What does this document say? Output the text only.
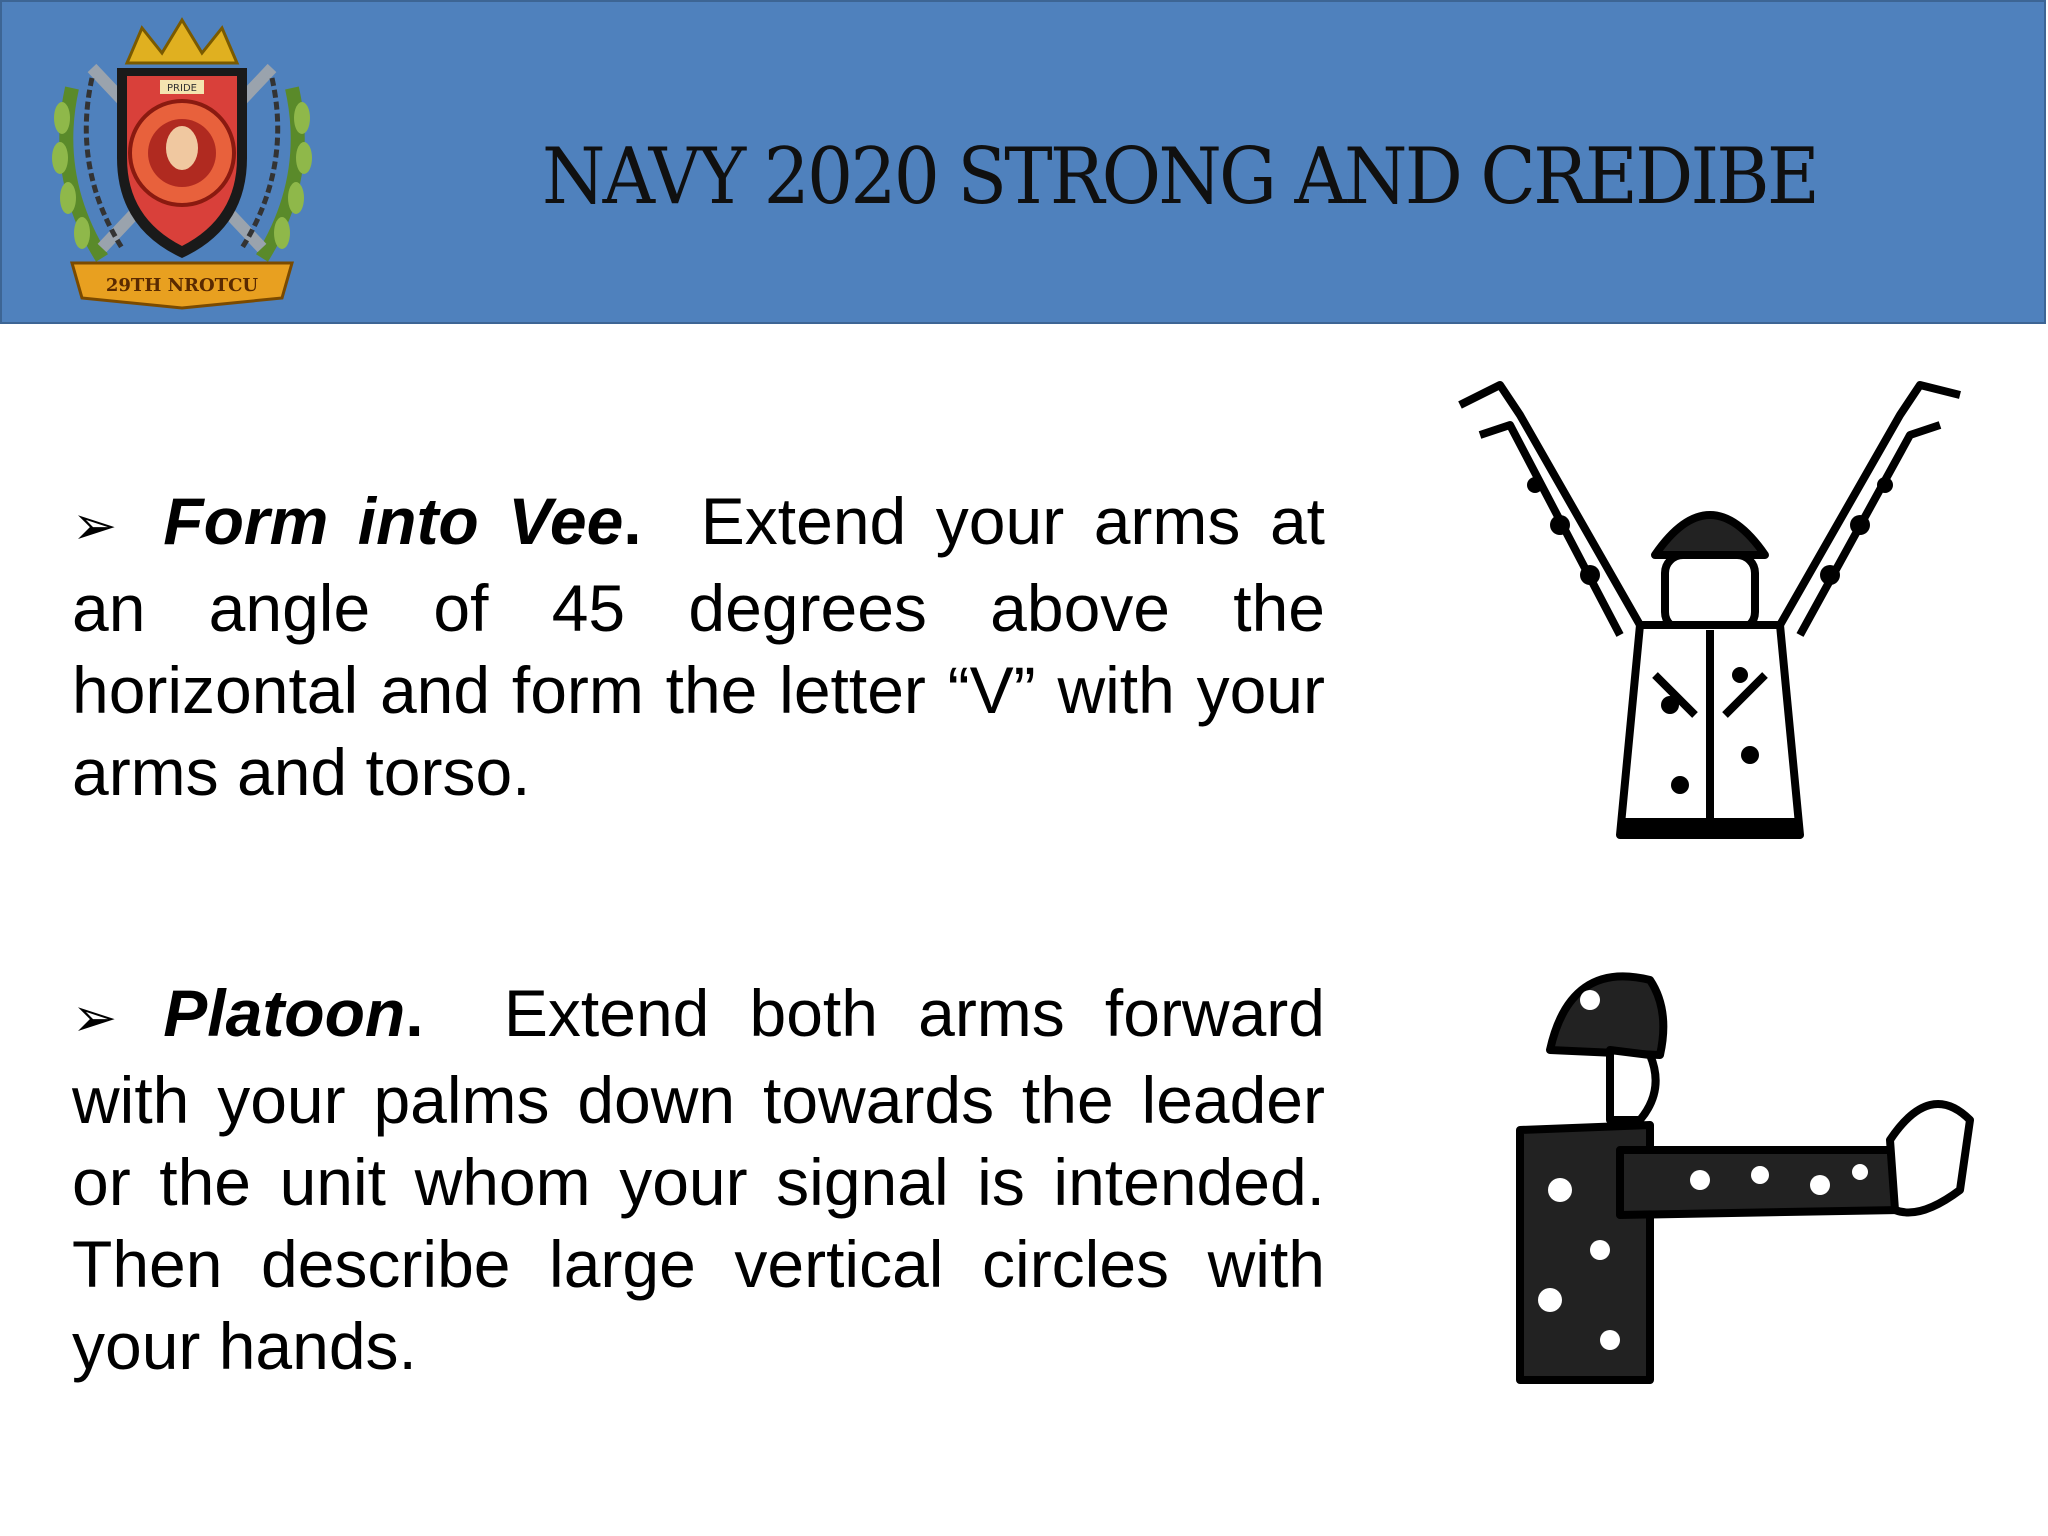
PRIDE
29TH NROTCU
NAVY 2020 STRONG AND CREDIBE
➢ Form into Vee. Extend your arms at an angle of 45 degrees above the horizontal and form the letter “V” with your arms and torso.
➢ Platoon. Extend both arms forward with your palms down towards the leader or the unit whom your signal is intended. Then describe large vertical circles with your hands.
